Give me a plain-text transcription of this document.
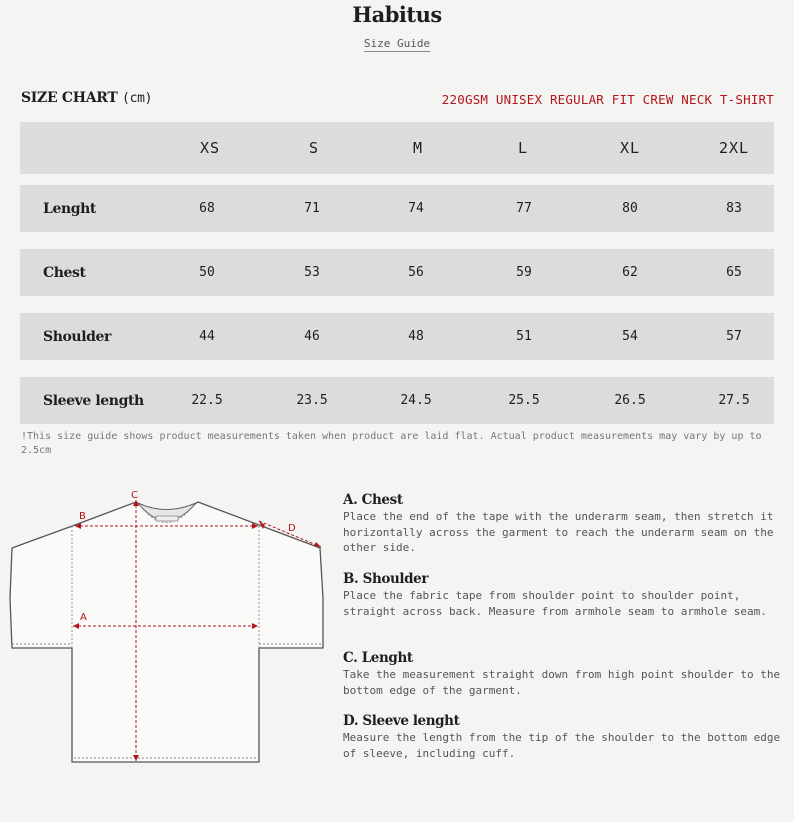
Habitus
Size Guide
SIZE CHART (cm)	220GSM UNISEX REGULAR FIT CREW NECK T-SHIRT
XS	S	M	L	XL	2XL
Lenght	68	71	74	77	80	83
Chest	50	53	56	59	62	65
Shoulder	44	46	48	51	54	57
Sleeve length	22.5	23.5	24.5	25.5	26.5	27.5
!This size guide shows product measurements taken when product are laid flat. Actual product measurements may vary by up to 2.5cm
B
A
C
D
A. Chest
Place the end of the tape with the underarm seam, then stretch it horizontally across the garment to reach the underarm seam on the other side.
B. Shoulder
Place the fabric tape from shoulder point to shoulder point, straight across back. Measure from armhole seam to armhole seam.
C. Lenght
Take the measurement straight down from high point shoulder to the bottom edge of the garment.
D. Sleeve lenght
Measure the length from the tip of the shoulder to the bottom edge of sleeve, including cuff.
